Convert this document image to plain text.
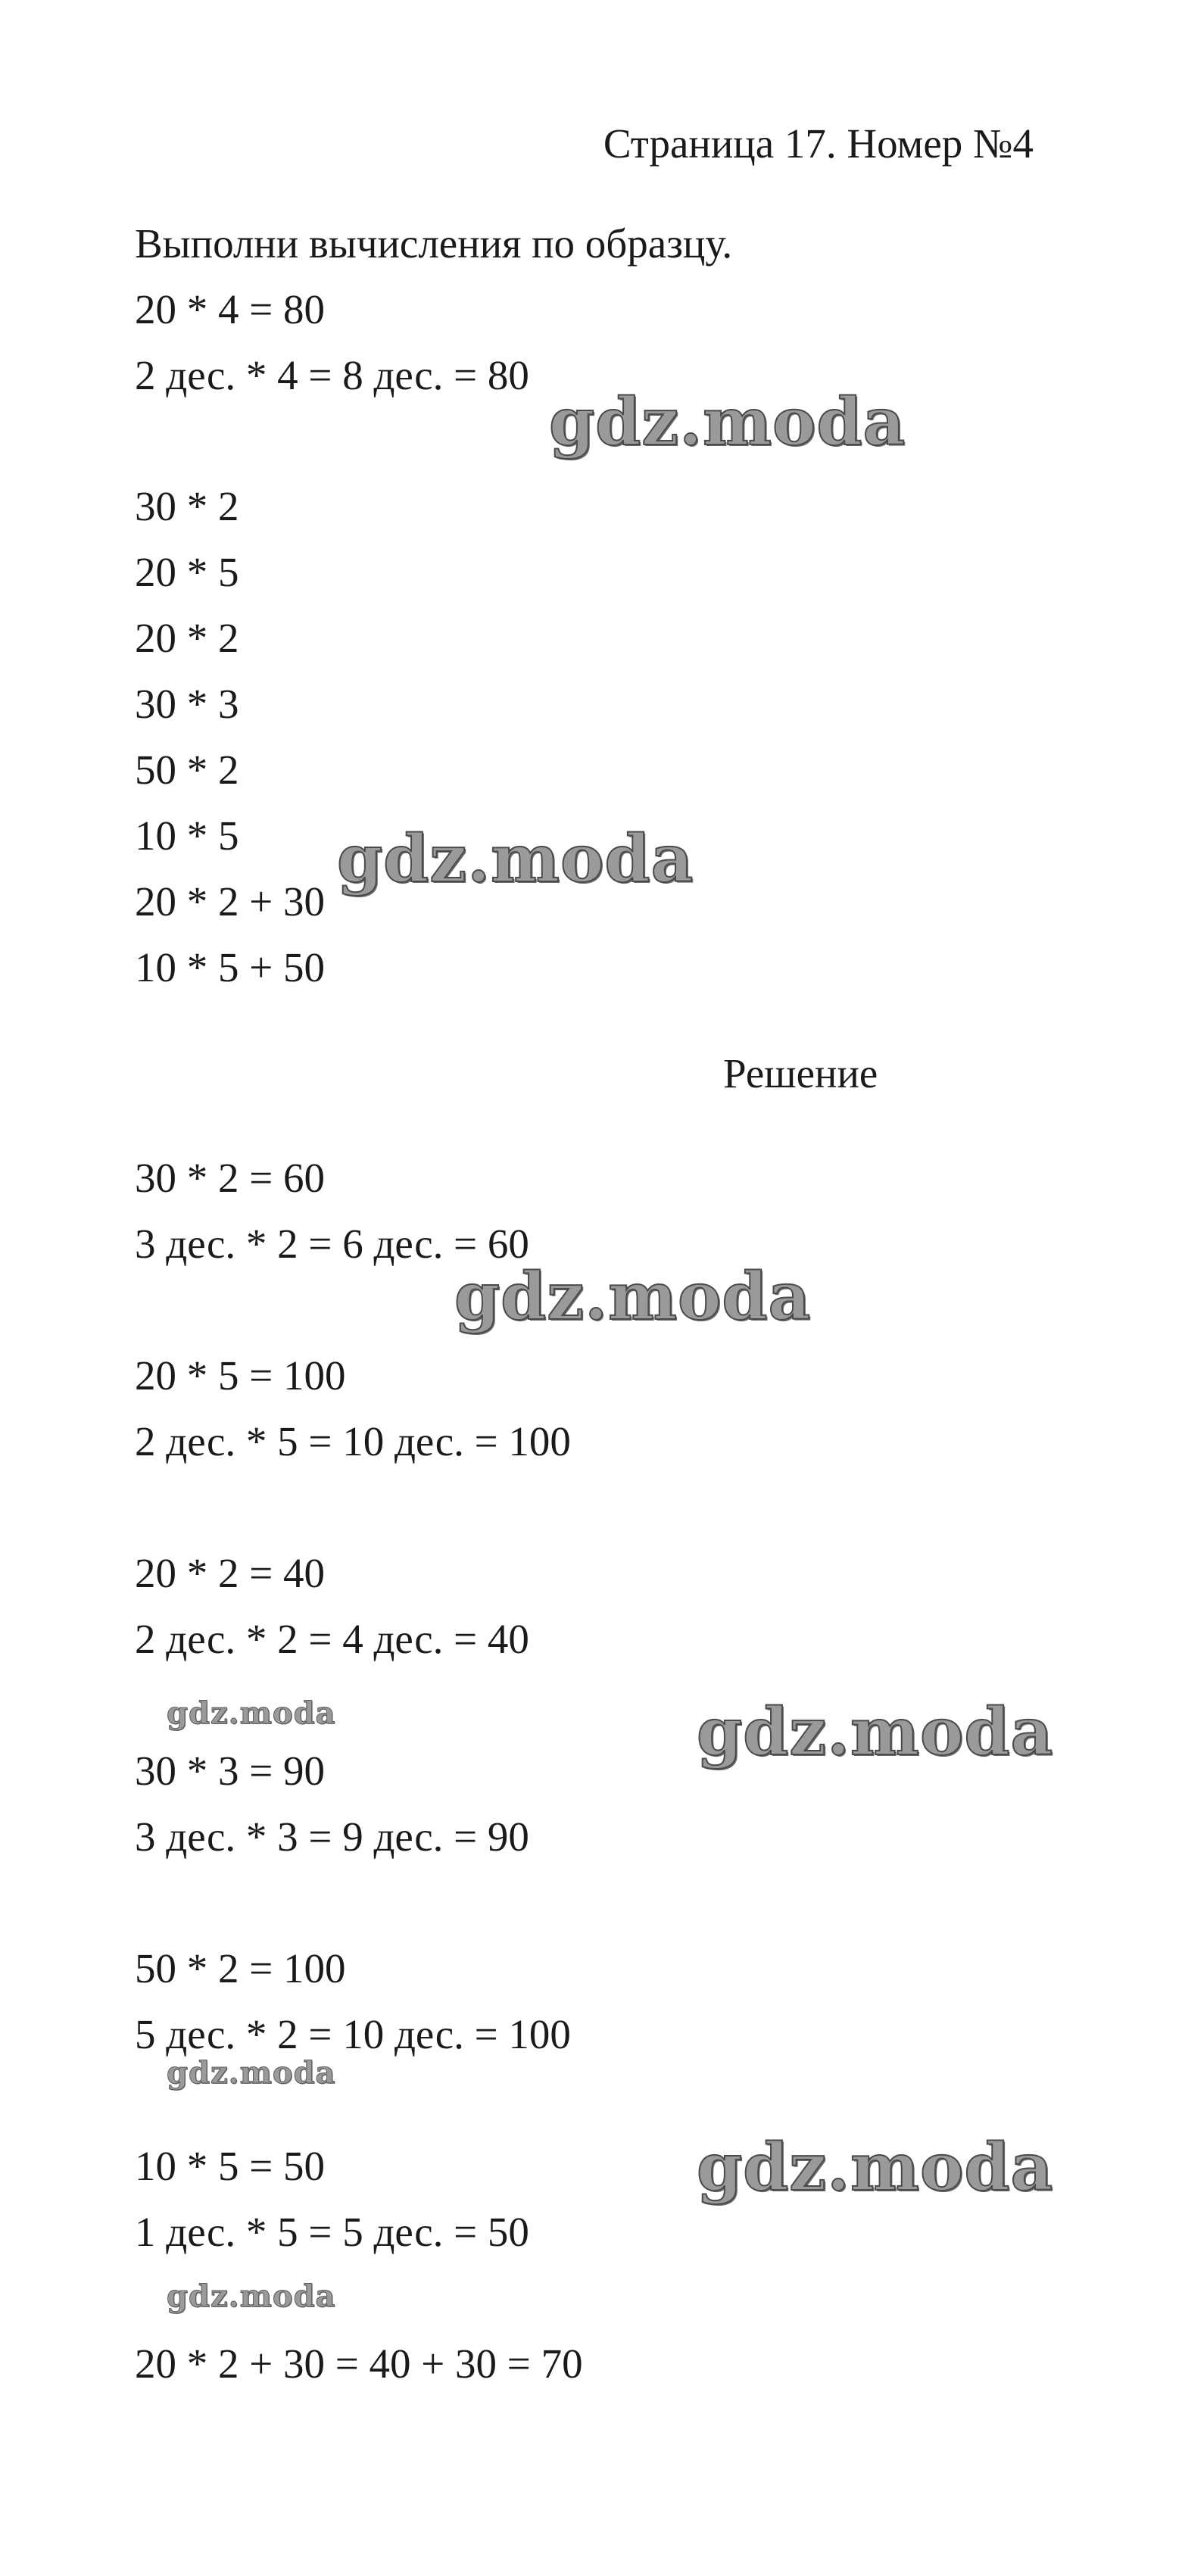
Страница 17. Номер №4
Выполни вычисления по образцу.
20 * 4 = 80
2 дес. * 4 = 8 дес. = 80
30 * 2
20 * 5
20 * 2
30 * 3
50 * 2
10 * 5
20 * 2 + 30
10 * 5 + 50
Решение
30 * 2 = 60
3 дес. * 2 = 6 дес. = 60
20 * 5 = 100
2 дес. * 5 = 10 дес. = 100
20 * 2 = 40
2 дес. * 2 = 4 дес. = 40
30 * 3 = 90
3 дес. * 3 = 9 дес. = 90
50 * 2 = 100
5 дес. * 2 = 10 дес. = 100
10 * 5 = 50
1 дес. * 5 = 5 дес. = 50
20 * 2 + 30 = 40 + 30 = 70
gdz.moda
gdz.moda
gdz.moda
gdz.moda	gdz.moda
gdz.moda
gdz.moda
gdz.moda
